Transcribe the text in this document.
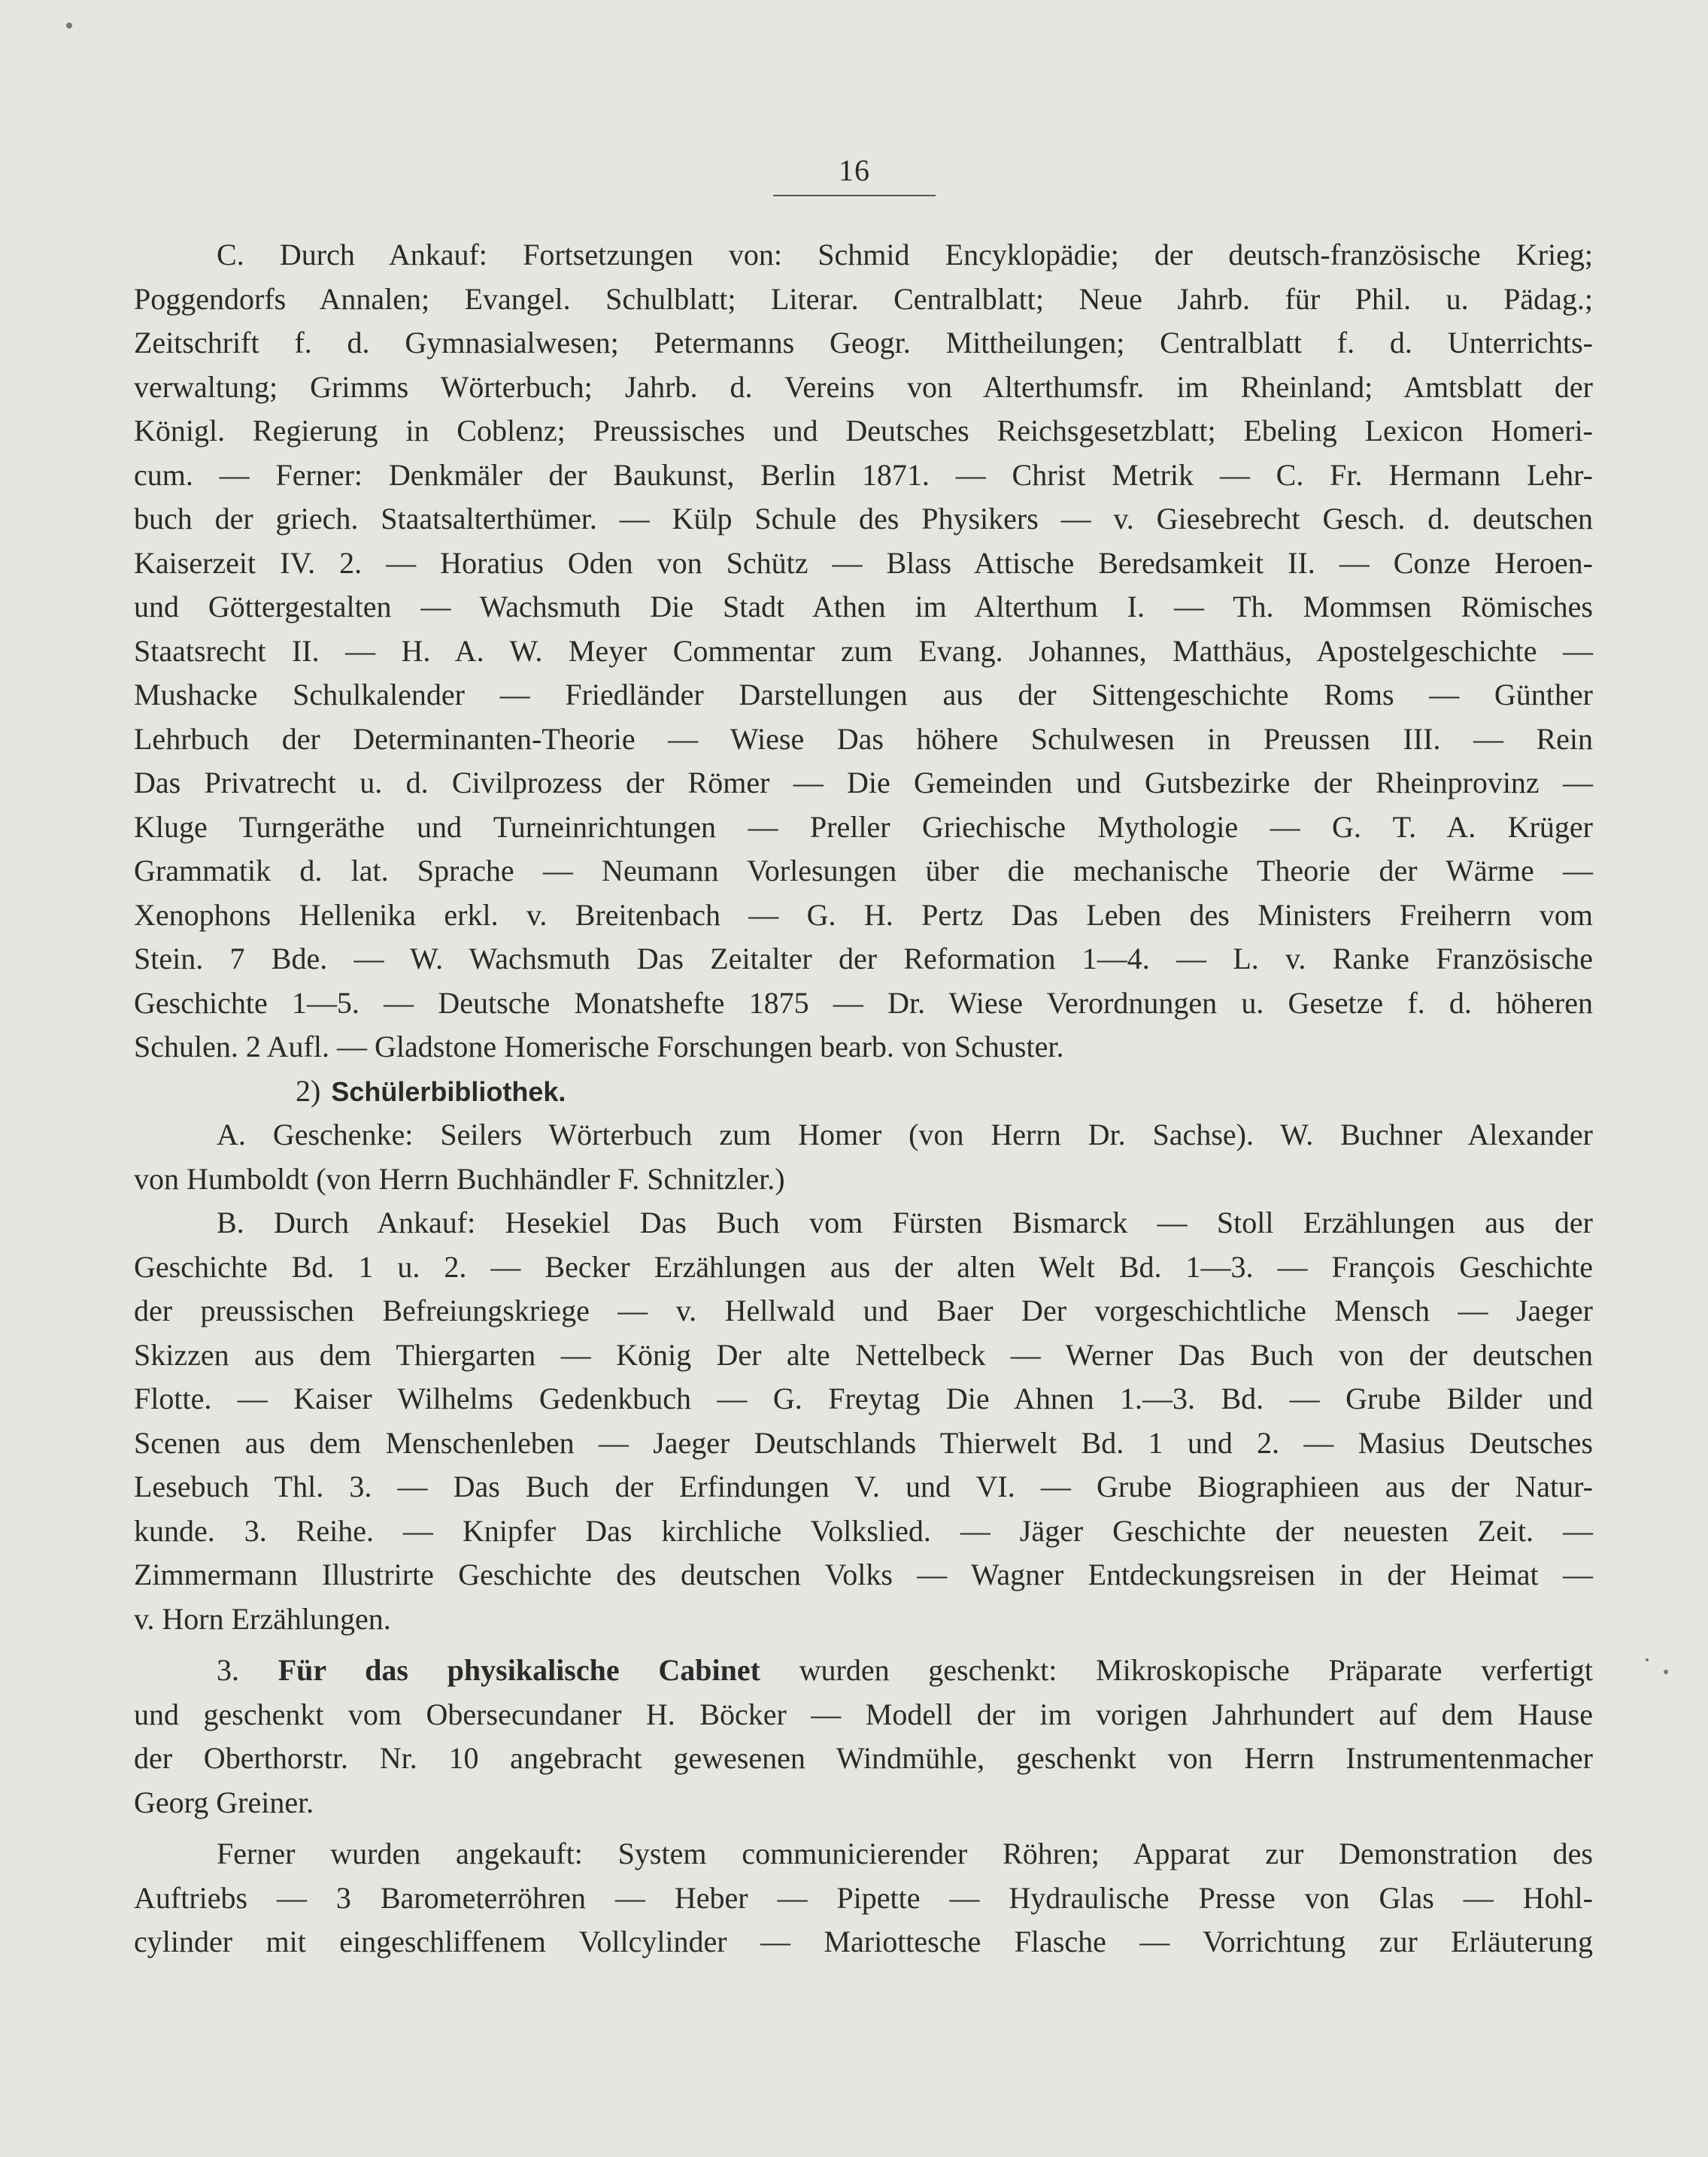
16
C. Durch Ankauf: Fortsetzungen von: Schmid Encyklopädie; der deutsch-französische Krieg;
Poggendorfs Annalen; Evangel. Schulblatt; Literar. Centralblatt; Neue Jahrb. für Phil. u. Pädag.;
Zeitschrift f. d. Gymnasialwesen; Petermanns Geogr. Mittheilungen; Centralblatt f. d. Unterrichts-
verwaltung; Grimms Wörterbuch; Jahrb. d. Vereins von Alterthumsfr. im Rheinland; Amtsblatt der
Königl. Regierung in Coblenz; Preussisches und Deutsches Reichsgesetzblatt; Ebeling Lexicon Homeri-
cum. — Ferner: Denkmäler der Baukunst, Berlin 1871. — Christ Metrik — C. Fr. Hermann Lehr-
buch der griech. Staatsalterthümer. — Külp Schule des Physikers — v. Giesebrecht Gesch. d. deutschen
Kaiserzeit IV. 2. — Horatius Oden von Schütz — Blass Attische Beredsamkeit II. — Conze Heroen-
und Göttergestalten — Wachsmuth Die Stadt Athen im Alterthum I. — Th. Mommsen Römisches
Staatsrecht II. — H. A. W. Meyer Commentar zum Evang. Johannes, Matthäus, Apostelgeschichte —
Mushacke Schulkalender — Friedländer Darstellungen aus der Sittengeschichte Roms — Günther
Lehrbuch der Determinanten-Theorie — Wiese Das höhere Schulwesen in Preussen III. — Rein
Das Privatrecht u. d. Civilprozess der Römer — Die Gemeinden und Gutsbezirke der Rheinprovinz —
Kluge Turngeräthe und Turneinrichtungen — Preller Griechische Mythologie — G. T. A. Krüger
Grammatik d. lat. Sprache — Neumann Vorlesungen über die mechanische Theorie der Wärme —
Xenophons Hellenika erkl. v. Breitenbach — G. H. Pertz Das Leben des Ministers Freiherrn vom
Stein. 7 Bde. — W. Wachsmuth Das Zeitalter der Reformation 1—4. — L. v. Ranke Französische
Geschichte 1—5. — Deutsche Monatshefte 1875 — Dr. Wiese Verordnungen u. Gesetze f. d. höheren
Schulen. 2 Aufl. — Gladstone Homerische Forschungen bearb. von Schuster.
2) Schülerbibliothek.
A. Geschenke: Seilers Wörterbuch zum Homer (von Herrn Dr. Sachse). W. Buchner Alexander
von Humboldt (von Herrn Buchhändler F. Schnitzler.)
B. Durch Ankauf: Hesekiel Das Buch vom Fürsten Bismarck — Stoll Erzählungen aus der
Geschichte Bd. 1 u. 2. — Becker Erzählungen aus der alten Welt Bd. 1—3. — François Geschichte
der preussischen Befreiungskriege — v. Hellwald und Baer Der vorgeschichtliche Mensch — Jaeger
Skizzen aus dem Thiergarten — König Der alte Nettelbeck — Werner Das Buch von der deutschen
Flotte. — Kaiser Wilhelms Gedenkbuch — G. Freytag Die Ahnen 1.—3. Bd. — Grube Bilder und
Scenen aus dem Menschenleben — Jaeger Deutschlands Thierwelt Bd. 1 und 2. — Masius Deutsches
Lesebuch Thl. 3. — Das Buch der Erfindungen V. und VI. — Grube Biographieen aus der Natur-
kunde. 3. Reihe. — Knipfer Das kirchliche Volkslied. — Jäger Geschichte der neuesten Zeit. —
Zimmermann Illustrirte Geschichte des deutschen Volks — Wagner Entdeckungsreisen in der Heimat —
v. Horn Erzählungen.
3. Für das physikalische Cabinet wurden geschenkt: Mikroskopische Präparate verfertigt
und geschenkt vom Obersecundaner H. Böcker — Modell der im vorigen Jahrhundert auf dem Hause
der Oberthorstr. Nr. 10 angebracht gewesenen Windmühle, geschenkt von Herrn Instrumentenmacher
Georg Greiner.
Ferner wurden angekauft: System communicierender Röhren; Apparat zur Demonstration des
Auftriebs — 3 Barometerröhren — Heber — Pipette — Hydraulische Presse von Glas — Hohl-
cylinder mit eingeschliffenem Vollcylinder — Mariottesche Flasche — Vorrichtung zur Erläuterung
